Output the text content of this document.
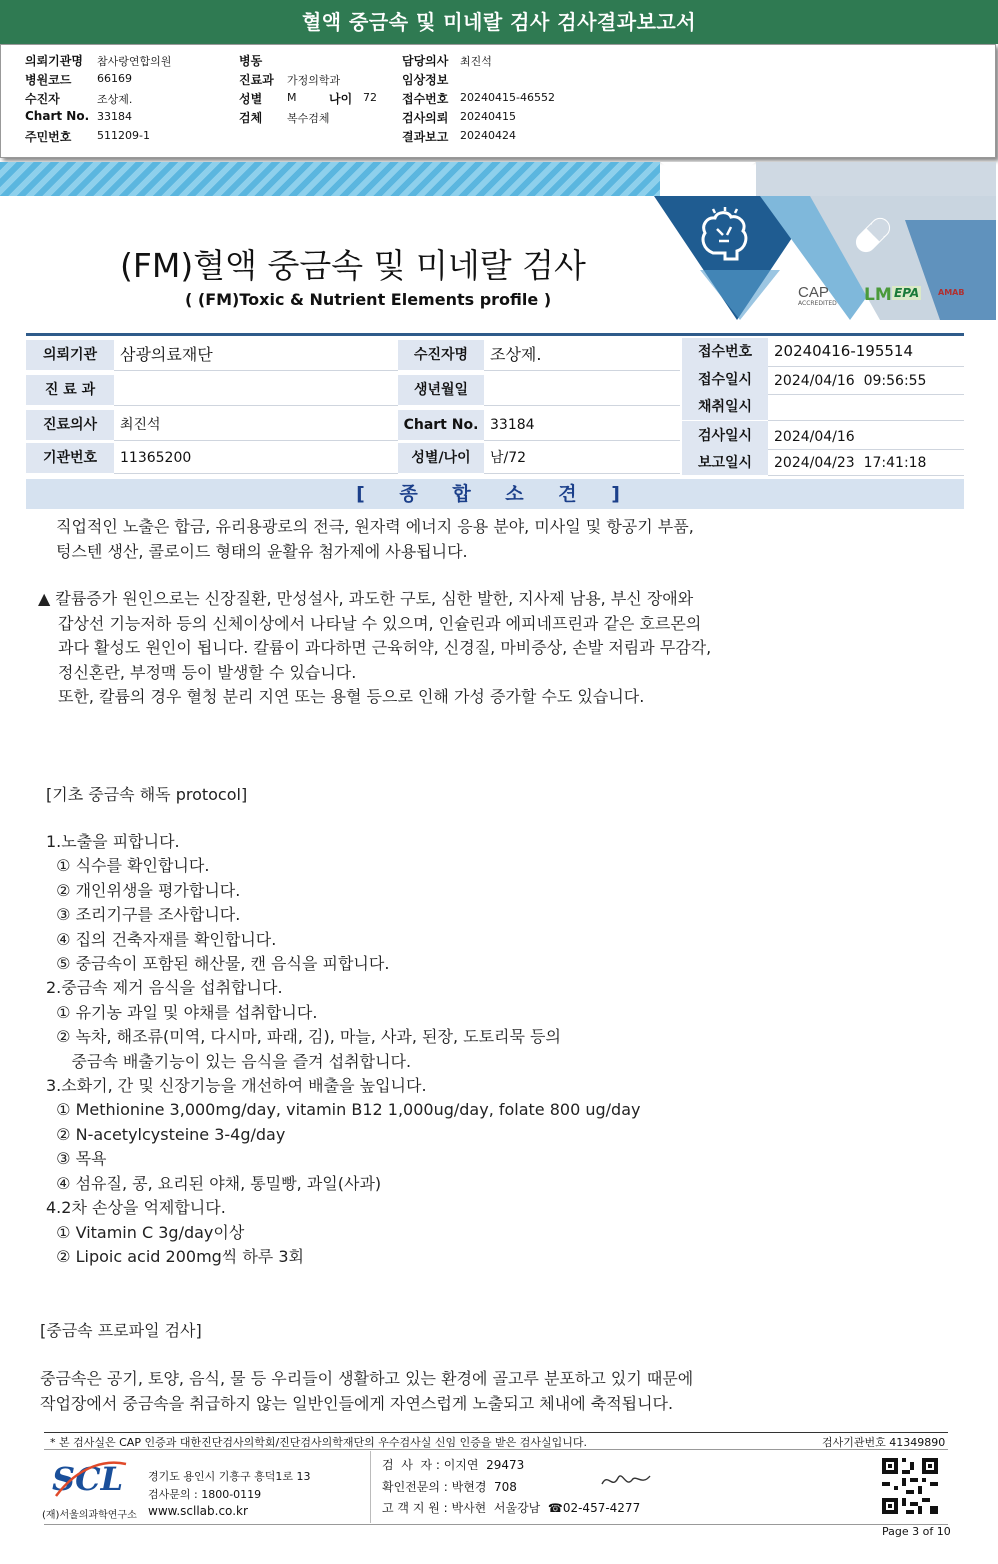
혈액 중금속 및 미네랄 검사 검사결과보고서
의뢰기관명 참사랑연합의원
병원코드 66169
수진자	조상제.
Chart No. 33184
주민번호 511209-1
병동
진료과 가정의학과
성별 M	나이 72
검체 복수검체
담당의사 최진석
임상정보
접수번호 20240415-46552
검사의뢰 20240415
결과보고 20240424
CAP
ACCREDITED LM EPA AMAB
(FM)혈액 중금속 및 미네랄 검사
( (FM)Toxic & Nutrient Elements profile )
의뢰기관	삼광의료재단	수진자명	조상제.
진 료 과	생년월일
진료의사	최진석	Chart No. 33184
기관번호	11365200	성별/나이	남/72
접수번호	20240416-195514
접수일시	2024/04/16  09:56:55
채취일시
검사일시	2024/04/16
보고일시	2024/04/23  17:41:18
[ 종 합 소 견 ]
직업적인 노출은 합금, 유리용광로의 전극, 원자력 에너지 응용 분야, 미사일 및 항공기 부품,
텅스텐 생산, 콜로이드 형태의 윤활유 첨가제에 사용됩니다.
▲ 칼륨증가 원인으로는 신장질환, 만성설사, 과도한 구토, 심한 발한, 지사제 남용, 부신 장애와
갑상선 기능저하 등의 신체이상에서 나타날 수 있으며, 인슐린과 에피네프린과 같은 호르몬의
과다 활성도 원인이 됩니다. 칼륨이 과다하면 근육허약, 신경질, 마비증상, 손발 저림과 무감각,
정신혼란, 부정맥 등이 발생할 수 있습니다.
또한, 칼륨의 경우 혈청 분리 지연 또는 용혈 등으로 인해 가성 증가할 수도 있습니다.
[기초 중금속 해독 protocol]
1.노출을 피합니다.
① 식수를 확인합니다.
② 개인위생을 평가합니다.
③ 조리기구를 조사합니다.
④ 집의 건축자재를 확인합니다.
⑤ 중금속이 포함된 해산물, 캔 음식을 피합니다.
2.중금속 제거 음식을 섭취합니다.
① 유기농 과일 및 야채를 섭취합니다.
② 녹차, 해조류(미역, 다시마, 파래, 김), 마늘, 사과, 된장, 도토리묵 등의
중금속 배출기능이 있는 음식을 즐겨 섭취합니다.
3.소화기, 간 및 신장기능을 개선하여 배출을 높입니다.
① Methionine 3,000mg/day, vitamin B12 1,000ug/day, folate 800 ug/day
② N-acetylcysteine 3-4g/day
③ 목욕
④ 섬유질, 콩, 요리된 야채, 통밀빵, 과일(사과)
4.2차 손상을 억제합니다.
① Vitamin C 3g/day이상
② Lipoic acid 200mg씩 하루 3회
[중금속 프로파일 검사]
중금속은 공기, 토양, 음식, 물 등 우리들이 생활하고 있는 환경에 골고루 분포하고 있기 때문에
작업장에서 중금속을 취급하지 않는 일반인들에게 자연스럽게 노출되고 체내에 축적됩니다.
* 본 검사실은 CAP 인증과 대한진단검사의학회/진단검사의학재단의 우수검사실 신임 인증을 받은 검사실입니다.	검사기관번호 41349890
SCL
(재)서울의과학연구소
경기도 용인시 기흥구 흥덕1로 13
검사문의 : 1800-0119
www.scllab.co.kr
검  사  자 : 이지연  29473
확인전문의 : 박현경  708
고 객 지 원 : 박사현  서울강남  ☎02-457-4277
Page 3 of 10
